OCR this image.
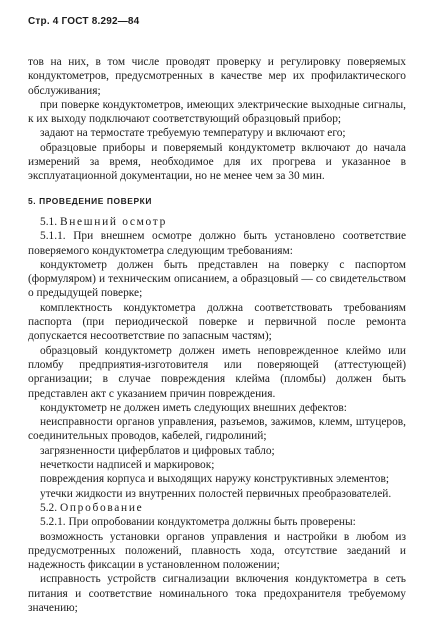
Стр. 4 ГОСТ 8.292—84

тов на них, в том числе проводят проверку и регулировку поверяемых кондуктометров, предусмотренных в качестве мер их профилактического обслуживания;

при поверке кондуктометров, имеющих электрические выходные сигналы, к их выходу подключают соответствующий образцовый прибор;

задают на термостате требуемую температуру и включают его;

образцовые приборы и поверяемый кондуктометр включают до начала измерений за время, необходимое для их прогрева и указанное в эксплуатационной документации, но не менее чем за 30 мин.

5. ПРОВЕДЕНИЕ ПОВЕРКИ

5.1. Внешний осмотр

5.1.1. При внешнем осмотре должно быть установлено соответствие поверяемого кондуктометра следующим требованиям:

кондуктометр должен быть представлен на поверку с паспортом (формуляром) и техническим описанием, а образцовый — со свидетельством о предыдущей поверке;

комплектность кондуктометра должна соответствовать требованиям паспорта (при периодической поверке и первичной после ремонта допускается несоответствие по запасным частям);

образцовый кондуктометр должен иметь неповрежденное клеймо или пломбу предприятия-изготовителя или поверяющей (аттестующей) организации; в случае повреждения клейма (пломбы) должен быть представлен акт с указанием причин повреждения.

кондуктометр не должен иметь следующих внешних дефектов:

неисправности органов управления, разъемов, зажимов, клемм, штуцеров, соединительных проводов, кабелей, гидролиний;

загрязненности циферблатов и цифровых табло;

нечеткости надписей и маркировок;

повреждения корпуса и выходящих наружу конструктивных элементов;

утечки жидкости из внутренних полостей первичных преобразователей.

5.2. Опробование

5.2.1. При опробовании кондуктометра должны быть проверены:

возможность установки органов управления и настройки в любом из предусмотренных положений, плавность хода, отсутствие заеданий и надежность фиксации в установленном положении;

исправность устройств сигнализации включения кондуктометра в сеть питания и соответствие номинального тока предохранителя требуемому значению;
